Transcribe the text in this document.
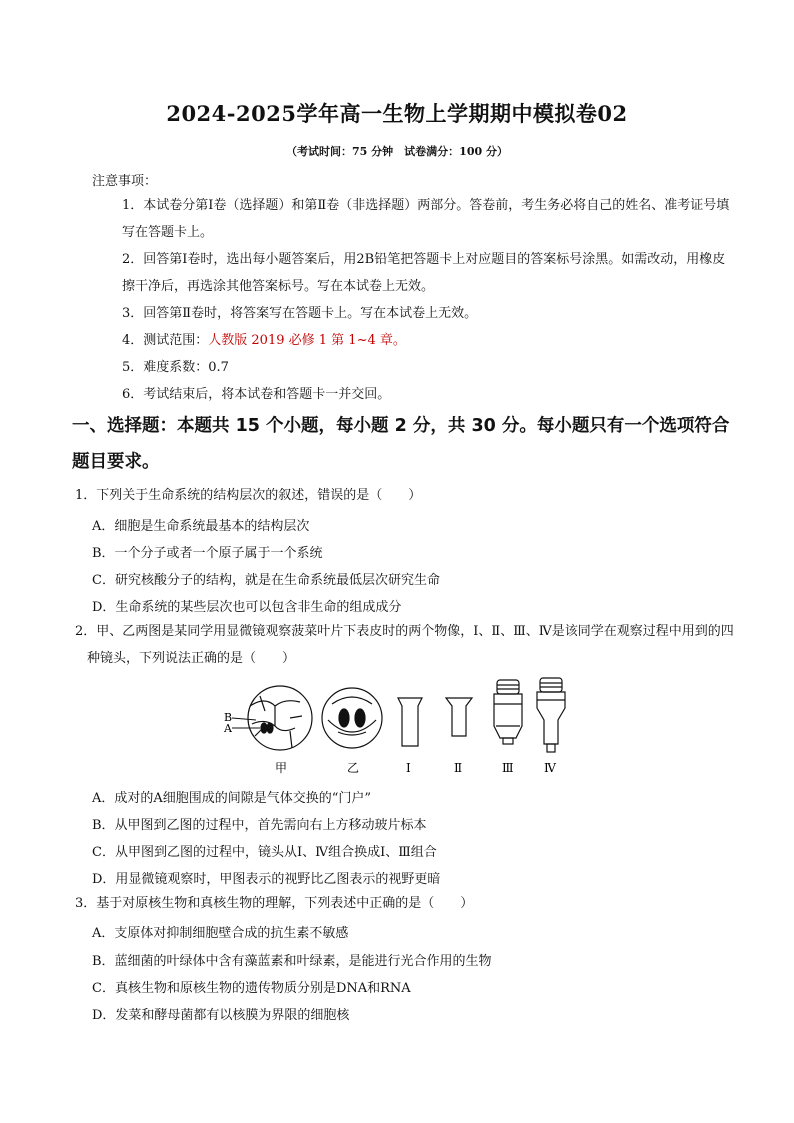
2024-2025学年高一生物上学期期中模拟卷02
（考试时间：75 分钟　试卷满分：100 分）
注意事项：
1．本试卷分第Ⅰ卷（选择题）和第Ⅱ卷（非选择题）两部分。答卷前，考生务必将自己的姓名、准考证号填写在答题卡上。
2．回答第Ⅰ卷时，选出每小题答案后，用2B铅笔把答题卡上对应题目的答案标号涂黑。如需改动，用橡皮擦干净后，再选涂其他答案标号。写在本试卷上无效。
3．回答第Ⅱ卷时，将答案写在答题卡上。写在本试卷上无效。
4．测试范围：人教版 2019 必修 1 第 1~4 章。
5．难度系数：0.7
6．考试结束后，将本试卷和答题卡一并交回。
一、选择题：本题共 15 个小题，每小题 2 分，共 30 分。每小题只有一个选项符合题目要求。
1．下列关于生命系统的结构层次的叙述，错误的是（　　）
A．细胞是生命系统最基本的结构层次
B．一个分子或者一个原子属于一个系统
C．研究核酸分子的结构，就是在生命系统最低层次研究生命
D．生命系统的某些层次也可以包含非生命的组成成分
2．甲、乙两图是某同学用显微镜观察菠菜叶片下表皮时的两个物像，Ⅰ、Ⅱ、Ⅲ、Ⅳ是该同学在观察过程中用到的四种镜头，下列说法正确的是（　　）
B
A
甲	乙	Ⅰ	Ⅱ	Ⅲ	Ⅳ
A．成对的A细胞围成的间隙是气体交换的“门户”
B．从甲图到乙图的过程中，首先需向右上方移动玻片标本
C．从甲图到乙图的过程中，镜头从Ⅰ、Ⅳ组合换成Ⅰ、Ⅲ组合
D．用显微镜观察时，甲图表示的视野比乙图表示的视野更暗
3．基于对原核生物和真核生物的理解，下列表述中正确的是（　　）
A．支原体对抑制细胞壁合成的抗生素不敏感
B．蓝细菌的叶绿体中含有藻蓝素和叶绿素，是能进行光合作用的生物
C．真核生物和原核生物的遗传物质分别是DNA和RNA
D．发菜和酵母菌都有以核膜为界限的细胞核
